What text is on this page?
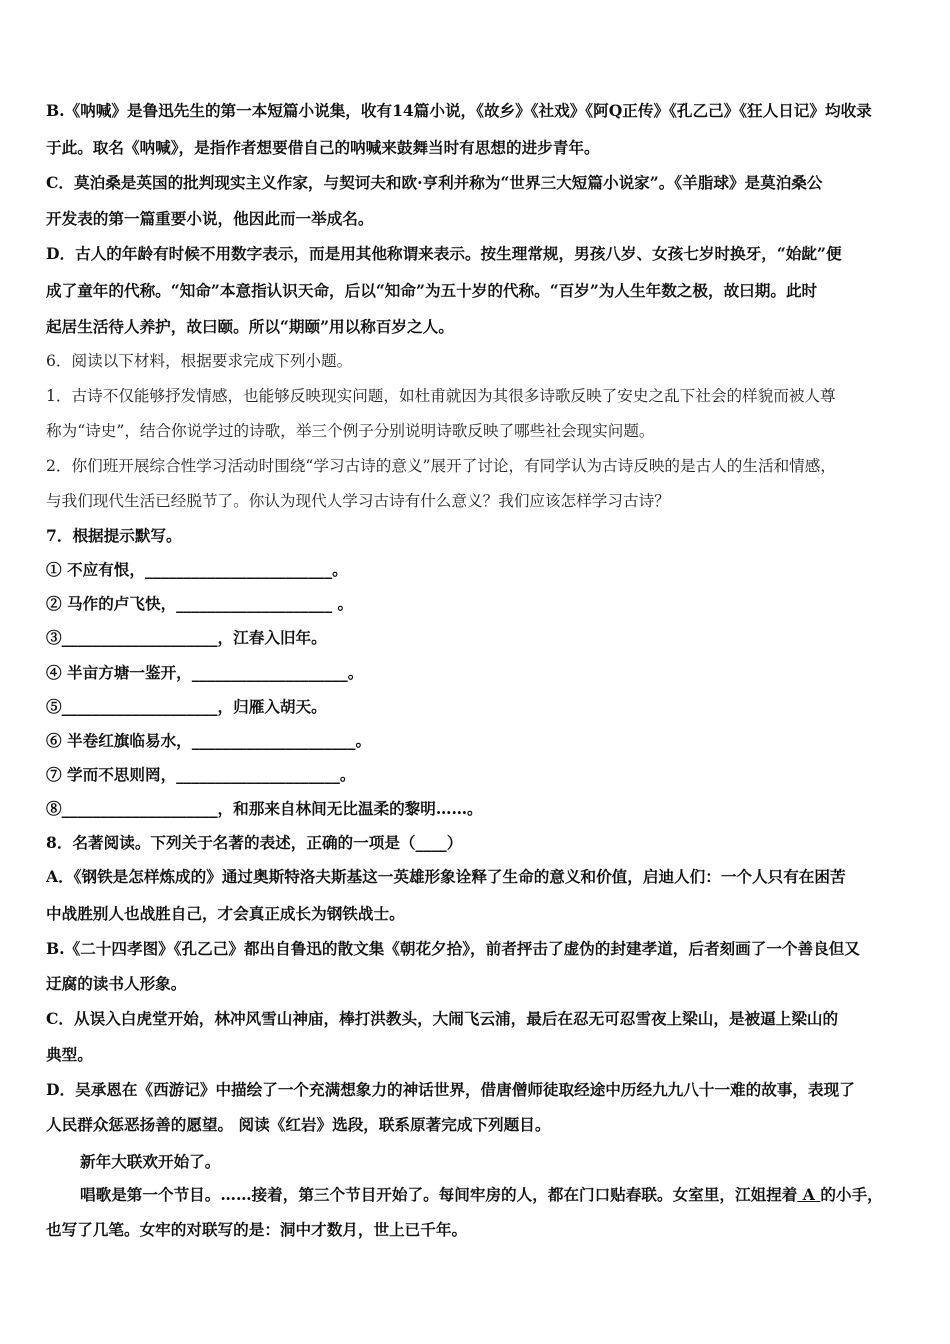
B.《呐喊》是鲁迅先生的第一本短篇小说集，收有14篇小说，《故乡》《社戏》《阿Q正传》《孔乙己》《狂人日记》均收录
于此。取名《呐喊》，是指作者想要借自己的呐喊来鼓舞当时有思想的进步青年。
C．莫泊桑是英国的批判现实主义作家，与契诃夫和欧·亨利并称为“世界三大短篇小说家”。《羊脂球》是莫泊桑公
开发表的第一篇重要小说，他因此而一举成名。
D．古人的年龄有时候不用数字表示，而是用其他称谓来表示。按生理常规，男孩八岁、女孩七岁时换牙，“始龀”便
成了童年的代称。“知命”本意指认识天命，后以“知命”为五十岁的代称。“百岁”为人生年数之极，故曰期。此时
起居生活待人养护，故曰颐。所以“期颐”用以称百岁之人。
6．阅读以下材料，根据要求完成下列小题。
1．古诗不仅能够抒发情感，也能够反映现实问题，如杜甫就因为其很多诗歌反映了安史之乱下社会的样貌而被人尊
称为“诗史”，结合你说学过的诗歌，举三个例子分别说明诗歌反映了哪些社会现实问题。
2．你们班开展综合性学习活动时围绕“学习古诗的意义”展开了讨论，有同学认为古诗反映的是古人的生活和情感，
与我们现代生活已经脱节了。你认为现代人学习古诗有什么意义？我们应该怎样学习古诗？
7．根据提示默写。
① 不应有恨，________________________。
② 马作的卢飞快，____________________ 。
③____________________，江春入旧年。
④ 半亩方塘一鉴开，____________________。
⑤____________________，归雁入胡天。
⑥ 半卷红旗临易水，_____________________。
⑦ 学而不思则罔，_____________________。
⑧____________________，和那来自林间无比温柔的黎明……。
8．名著阅读。下列关于名著的表述，正确的一项是（____）
A．《钢铁是怎样炼成的》通过奥斯特洛夫斯基这一英雄形象诠释了生命的意义和价值，启迪人们：一个人只有在困苦
中战胜别人也战胜自己，才会真正成长为钢铁战士。
B.《二十四孝图》《孔乙己》都出自鲁迅的散文集《朝花夕拾》，前者抨击了虚伪的封建孝道，后者刻画了一个善良但又
迂腐的读书人形象。
C．从误入白虎堂开始，林冲风雪山神庙，棒打洪教头，大闹飞云浦，最后在忍无可忍雪夜上梁山，是被逼上梁山的
典型。
D．吴承恩在《西游记》中描绘了一个充满想象力的神话世界，借唐僧师徒取经途中历经九九八十一难的故事，表现了
人民群众惩恶扬善的愿望。 阅读《红岩》选段，联系原著完成下列题目。
新年大联欢开始了。
唱歌是第一个节目。……接着，第三个节目开始了。每间牢房的人，都在门口贴春联。女室里，江姐捏着 A 的小手，
也写了几笔。女牢的对联写的是：洞中才数月，世上已千年。
